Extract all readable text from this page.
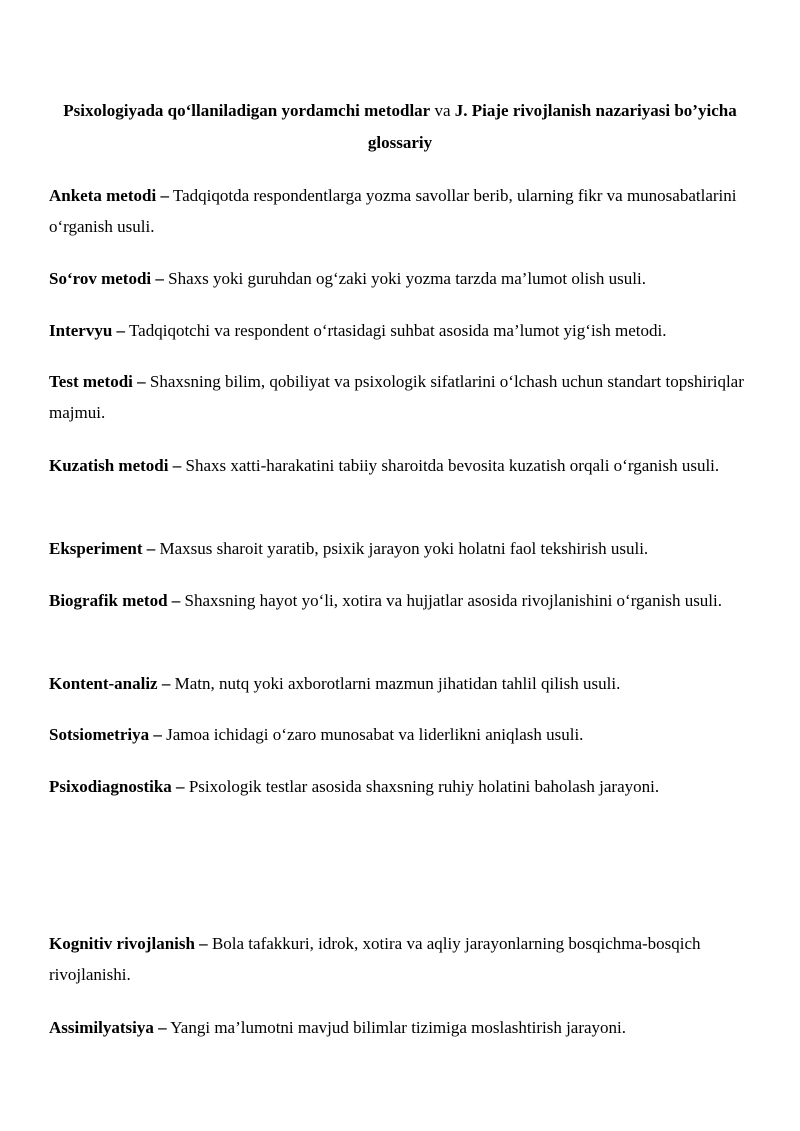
Psixologiyada qo‘llaniladigan yordamchi metodlar va J. Piaje rivojlanish nazariyasi bo’yicha glossariy

Anketa metodi – Tadqiqotda respondentlarga yozma savollar berib, ularning fikr va munosabatlarini o‘rganish usuli.

So‘rov metodi – Shaxs yoki guruhdan og‘zaki yoki yozma tarzda ma’lumot olish usuli.

Intervyu – Tadqiqotchi va respondent o‘rtasidagi suhbat asosida ma’lumot yig‘ish metodi.

Test metodi – Shaxsning bilim, qobiliyat va psixologik sifatlarini o‘lchash uchun standart topshiriqlar majmui.

Kuzatish metodi – Shaxs xatti-harakatini tabiiy sharoitda bevosita kuzatish orqali o‘rganish usuli.

Eksperiment – Maxsus sharoit yaratib, psixik jarayon yoki holatni faol tekshirish usuli.

Biografik metod – Shaxsning hayot yo‘li, xotira va hujjatlar asosida rivojlanishini o‘rganish usuli.

Kontent-analiz – Matn, nutq yoki axborotlarni mazmun jihatidan tahlil qilish usuli.

Sotsiometriya – Jamoa ichidagi o‘zaro munosabat va liderlikni aniqlash usuli.

Psixodiagnostika – Psixologik testlar asosida shaxsning ruhiy holatini baholash jarayoni.

Kognitiv rivojlanish – Bola tafakkuri, idrok, xotira va aqliy jarayonlarning bosqichma-bosqich rivojlanishi.

Assimilyatsiya – Yangi ma’lumotni mavjud bilimlar tizimiga moslashtirish jarayoni.
